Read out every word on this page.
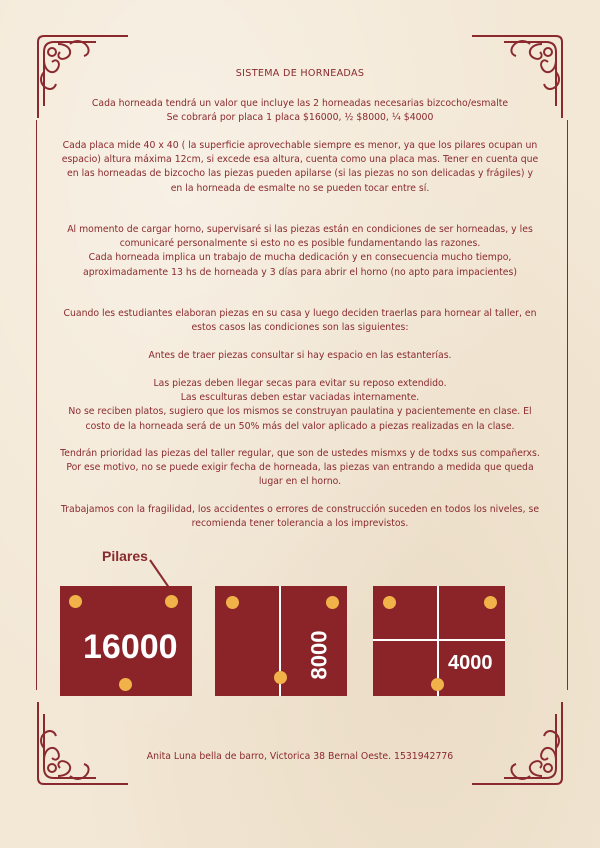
SISTEMA DE HORNEADAS

Cada horneada tendrá un valor que incluye las 2 horneadas necesarias bizcocho/esmalte

Se cobrará por placa 1 placa $16000, ½ $8000, ¼ $4000

Cada placa mide 40 x 40 ( la superficie aprovechable siempre es menor, ya que los pilares ocupan un espacio) altura máxima 12cm, si excede esa altura, cuenta como una placa mas. Tener en cuenta que en las horneadas de bizcocho las piezas pueden apilarse (si las piezas no son delicadas y frágiles) y en la horneada de esmalte no se pueden tocar entre sí.

Al momento de cargar horno, supervisaré si las piezas están en condiciones de ser horneadas, y les comunicaré personalmente si esto no es posible fundamentando las razones.

Cada horneada implica un trabajo de mucha dedicación y en consecuencia mucho tiempo, aproximadamente 13 hs de horneada y 3 días para abrir el horno (no apto para impacientes)

Cuando les estudiantes elaboran piezas en su casa y luego deciden traerlas para hornear al taller, en estos casos las condiciones son las siguientes:

Antes de traer piezas consultar si hay espacio en las estanterías.

Las piezas deben llegar secas para evitar su reposo extendido.

Las esculturas deben estar vaciadas internamente.

No se reciben platos, sugiero que los mismos se construyan paulatina y pacientemente en clase. El costo de la horneada será de un 50% más del valor aplicado a piezas realizadas en la clase.

Tendrán prioridad las piezas del taller regular, que son de ustedes mismxs y de todxs sus compañerxs. Por ese motivo, no se puede exigir fecha de horneada, las piezas van entrando a medida que queda lugar en el horno.

Trabajamos con la fragilidad, los accidentes o errores de construcción suceden en todos los niveles, se recomienda tener tolerancia a los imprevistos.

Pilares
16000	8000	4000
Anita Luna bella de barro, Victorica 38 Bernal Oeste. 1531942776
